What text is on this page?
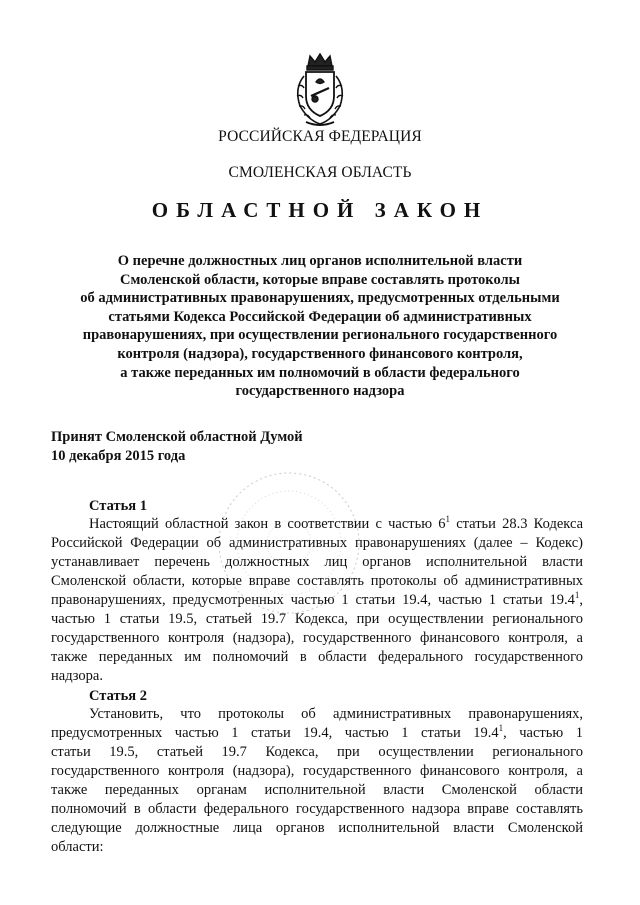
РОССИЙСКАЯ ФЕДЕРАЦИЯ
СМОЛЕНСКАЯ ОБЛАСТЬ
ОБЛАСТНОЙ ЗАКОН
О перечне должностных лиц органов исполнительной власти
Смоленской области, которые вправе составлять протоколы
об административных правонарушениях, предусмотренных отдельными
статьями Кодекса Российской Федерации об административных
правонарушениях, при осуществлении регионального государственного
контроля (надзора), государственного финансового контроля,
а также переданных им полномочий в области федерального
государственного надзора
Принят Смоленской областной Думой
10 декабря 2015 года
Статья 1
Настоящий областной закон в соответствии с частью $6^1$ статьи 28.3 Кодекса
Российской Федерации об административных правонарушениях (далее – Кодекс)
устанавливает перечень должностных лиц органов исполнительной власти
Смоленской области, которые вправе составлять протоколы об административных
правонарушениях, предусмотренных частью 1 статьи 19.4, частью 1 статьи 19.4$^1$,
частью 1 статьи 19.5, статьей 19.7 Кодекса, при осуществлении регионального
государственного контроля (надзора), государственного финансового контроля, а
также переданных им полномочий в области федерального государственного
надзора.
Статья 2
Установить, что протоколы об административных правонарушениях,
предусмотренных частью 1 статьи 19.4, частью 1 статьи 19.4$^1$, частью 1
статьи 19.5, статьей 19.7 Кодекса, при осуществлении регионального
государственного контроля (надзора), государственного финансового контроля, а
также переданных органам исполнительной власти Смоленской области
полномочий в области федерального государственного надзора вправе составлять
следующие должностные лица органов исполнительной власти Смоленской
области:
